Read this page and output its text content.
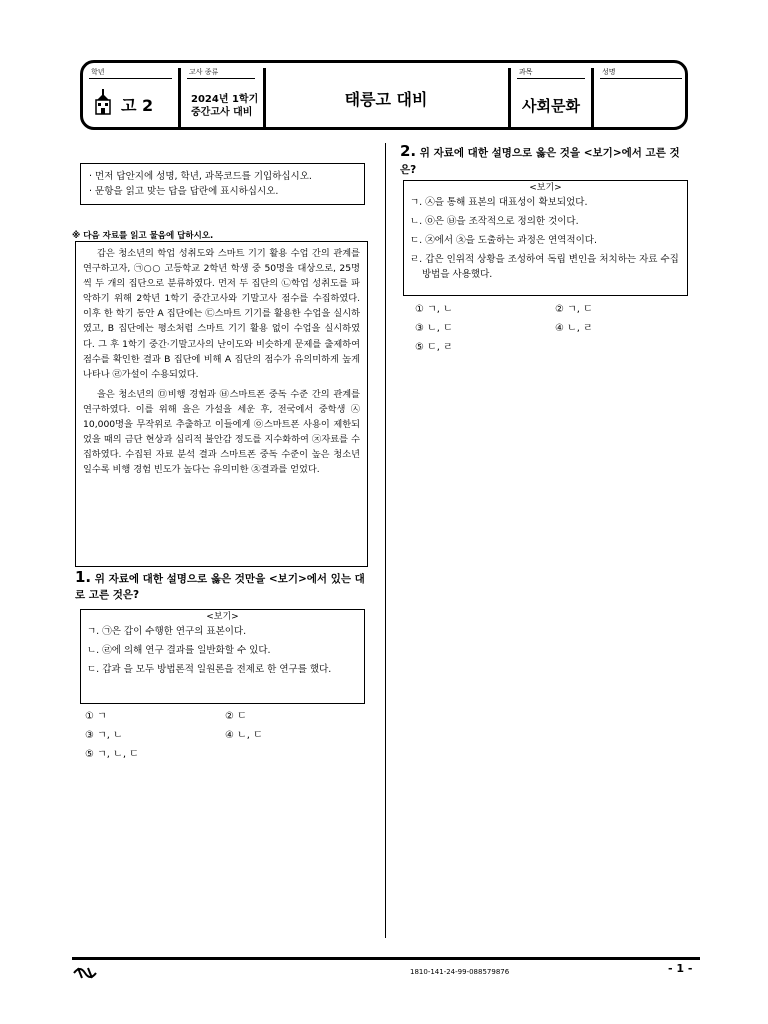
학년
고 2
고사 종류
2024년 1학기
중간고사 대비
태릉고 대비
과목
사회문화
성명
· 먼저 답안지에 성명, 학년, 과목코드를 기입하십시오.
· 문항을 읽고 맞는 답을 답란에 표시하십시오.
※ 다음 자료를 읽고 물음에 답하시오.

갑은 청소년의 학업 성취도와 스마트 기기 활용 수업 간의 관계를 연구하고자, ㉠○○ 고등학교 2학년 학생 중 50명을 대상으로, 25명씩 두 개의 집단으로 분류하였다. 먼저 두 집단의 ㉡학업 성취도를 파악하기 위해 2학년 1학기 중간고사와 기말고사 점수를 수집하였다. 이후 한 학기 동안 A 집단에는 ㉢스마트 기기를 활용한 수업을 실시하였고, B 집단에는 평소처럼 스마트 기기 활용 없이 수업을 실시하였다. 그 후 1학기 중간·기말고사의 난이도와 비슷하게 문제를 출제하여 점수를 확인한 결과 B 집단에 비해 A 집단의 점수가 유의미하게 높게 나타나 ㉣가설이 수용되었다.

을은 청소년의 ㉤비행 경험과 ㉥스마트폰 중독 수준 간의 관계를 연구하였다. 이를 위해 을은 가설을 세운 후, 전국에서 중학생 ㉦10,000명을 무작위로 추출하고 이들에게 ㉧스마트폰 사용이 제한되었을 때의 금단 현상과 심리적 불안감 정도를 지수화하여 ㉨자료를 수집하였다. 수집된 자료 분석 결과 스마트폰 중독 수준이 높은 청소년일수록 비행 경험 빈도가 높다는 유의미한 ㉩결과를 얻었다.

1. 위 자료에 대한 설명으로 옳은 것만을 <보기>에서 있는 대로 고른 것은?
<보기>
ㄱ. ㉠은 갑이 수행한 연구의 표본이다.
ㄴ. ㉣에 의해 연구 결과를 일반화할 수 있다.
ㄷ. 갑과 을 모두 방법론적 일원론을 전제로 한 연구를 했다.
① ㄱ	② ㄷ
③ ㄱ, ㄴ	④ ㄴ, ㄷ
⑤ ㄱ, ㄴ, ㄷ
2. 위 자료에 대한 설명으로 옳은 것을 <보기>에서 고른 것은?
<보기>
ㄱ. ㉦을 통해 표본의 대표성이 확보되었다.
ㄴ. ㉧은 ㉥을 조작적으로 정의한 것이다.
ㄷ. ㉨에서 ㉩을 도출하는 과정은 연역적이다.
ㄹ. 갑은 인위적 상황을 조성하여 독립 변인을 처치하는 자료 수집 방법을 사용했다.
① ㄱ, ㄴ	② ㄱ, ㄷ
③ ㄴ, ㄷ	④ ㄴ, ㄹ
⑤ ㄷ, ㄹ
1810-141-24-99-088579876	- 1 -
